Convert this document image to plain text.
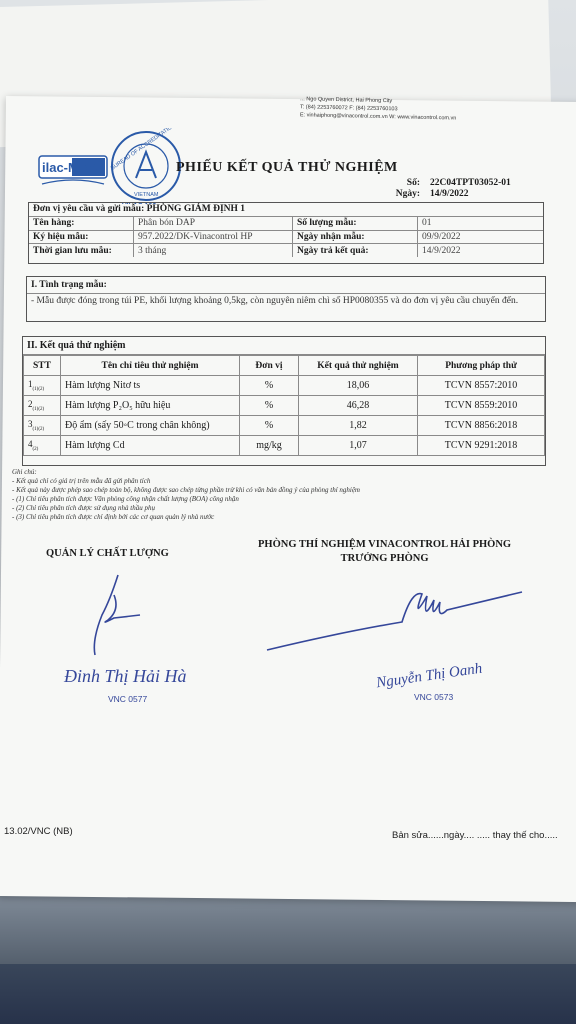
... Ngo Quyen District, Hai Phong City
T: (84) 2253760072 F: (84) 2253760103
E: vinhaiphong@vinacontrol.com.vn W: www.vinacontrol.com.vn
ilac-MRA BUREAU OF ACCREDITATION
VIETNAM
PHIẾU KẾT QUẢ THỬ NGHIỆM
Số: 22C04TPT03052-01
Ngày: 14/9/2022
Đơn vị yêu cầu và gửi mẫu: PHÒNG GIÁM ĐỊNH 1
Tên hàng:	Phân bón DAP	Số lượng mẫu:	01
Ký hiệu mẫu:	957.2022/DK-Vinacontrol HP	Ngày nhận mẫu:	09/9/2022
Thời gian lưu mẫu:	3 tháng	Ngày trả kết quả:	14/9/2022
I. Tình trạng mẫu:
- Mẫu được đóng trong túi PE, khối lượng khoảng 0,5kg, còn nguyên niêm chì số HP0080355 và do đơn vị yêu cầu chuyển đến.
II. Kết quả thử nghiệm
STT	Tên chỉ tiêu thử nghiệm	Đơn vị	Kết quả thử nghiệm	Phương pháp thử
$1_{(1)(2)}$	Hàm lượng Nitơ ts	%	18,06	TCVN 8557:2010
$2_{(1)(2)}$	Hàm lượng P₂O₅ hữu hiệu	%	46,28	TCVN 8559:2010
$3_{(1)(2)}$	Độ ẩm (sấy 50◦C trong chân không)	%	1,82	TCVN 8856:2018
$4_{(2)}$	Hàm lượng Cd	mg/kg	1,07	TCVN 9291:2018
Ghi chú:
- Kết quả chỉ có giá trị trên mẫu đã gửi phân tích
- Kết quả này được phép sao chép toàn bộ, không được sao chép từng phần trừ khi có văn bản đồng ý của phòng thí nghiệm
- (1) Chỉ tiêu phân tích được Văn phòng công nhận chất lượng (BOA) công nhận
- (2) Chỉ tiêu phân tích được sử dụng nhà thầu phụ
- (3) Chỉ tiêu phân tích được chỉ định bởi các cơ quan quản lý nhà nước
QUẢN LÝ CHẤT LƯỢNG
PHÒNG THÍ NGHIỆM VINACONTROL HẢI PHÒNG
TRƯỞNG PHÒNG
Đinh Thị Hải Hà
VNC 0577
Nguyễn Thị Oanh
VNC 0573
13.02/VNC (NB)	Bản sửa......ngày.... ..... thay thế cho.....
